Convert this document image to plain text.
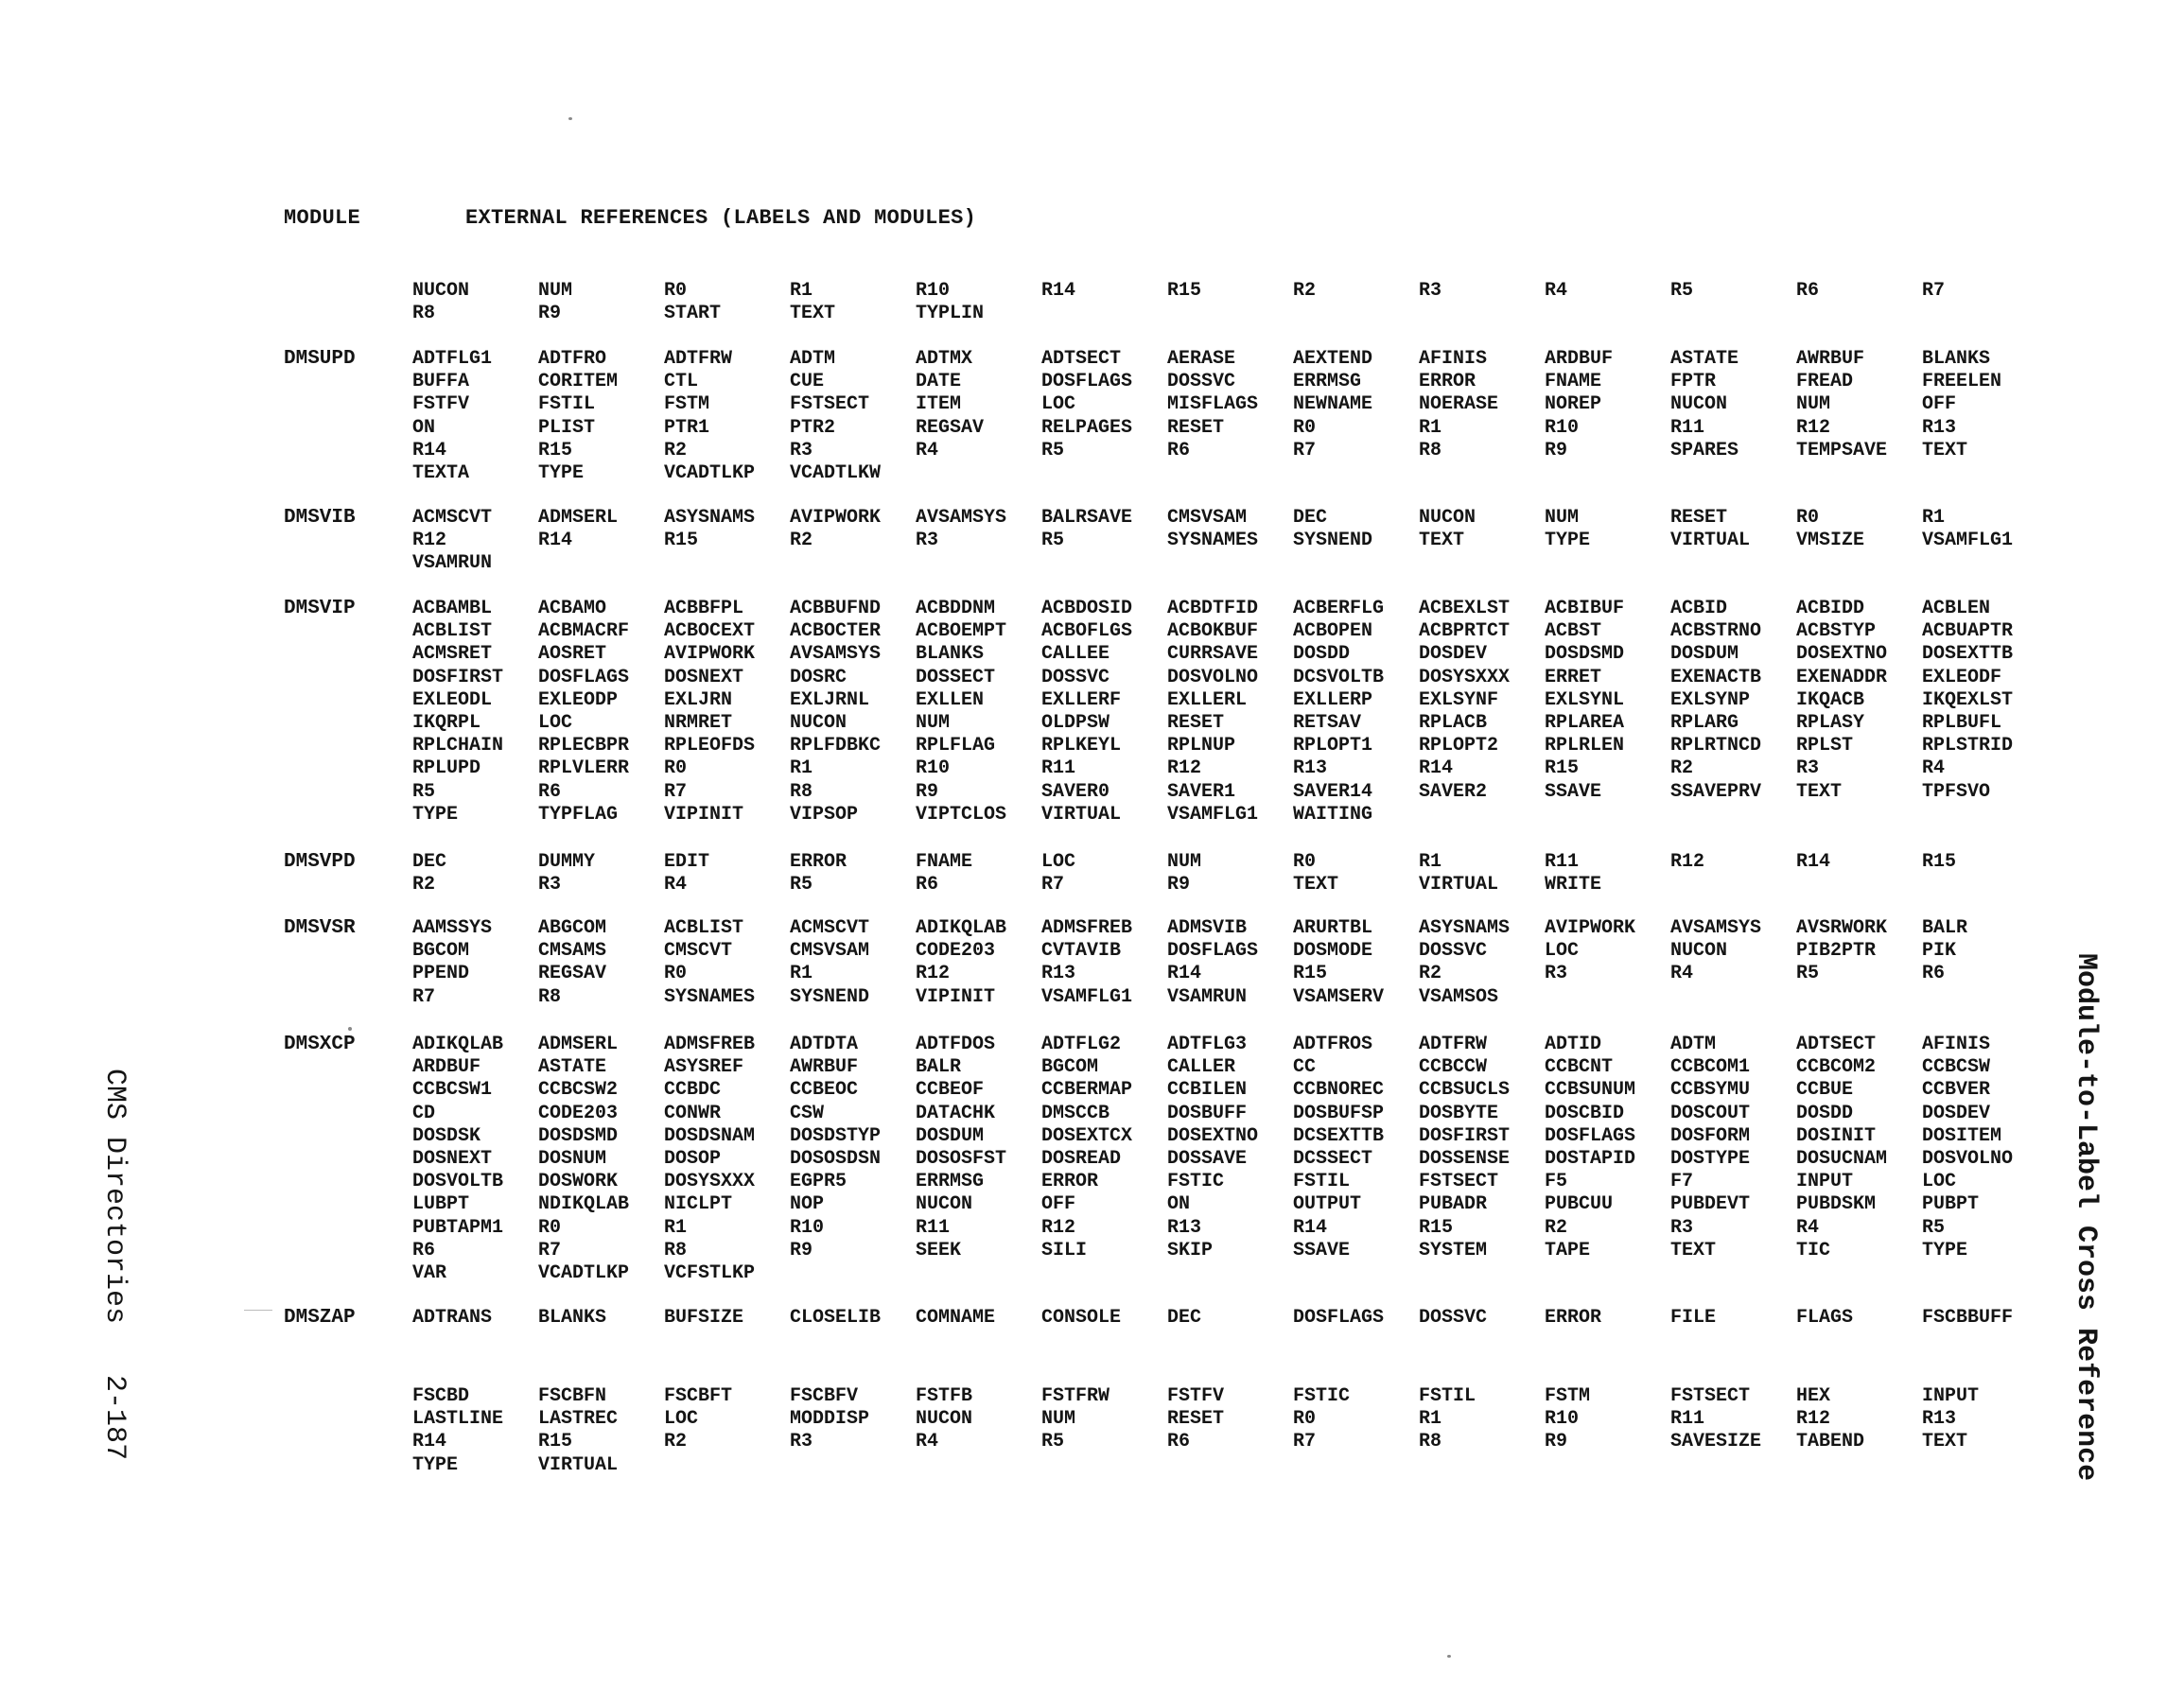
MODULE	EXTERNAL REFERENCES (LABELS AND MODULES)
NUCON	NUM	R0	R1	R10	R14	R15	R2	R3	R4	R5	R6	R7
R8	R9	START	TEXT	TYPLIN
DMSUPD	ADTFLG1	ADTFRO	ADTFRW	ADTM	ADTMX	ADTSECT	AERASE	AEXTEND	AFINIS	ARDBUF	ASTATE	AWRBUF	BLANKS
BUFFA	CORITEM	CTL	CUE	DATE	DOSFLAGS	DOSSVC	ERRMSG	ERROR	FNAME	FPTR	FREAD	FREELEN
FSTFV	FSTIL	FSTM	FSTSECT	ITEM	LOC	MISFLAGS	NEWNAME	NOERASE	NOREP	NUCON	NUM	OFF
ON	PLIST	PTR1	PTR2	REGSAV	RELPAGES	RESET	R0	R1	R10	R11	R12	R13
R14	R15	R2	R3	R4	R5	R6	R7	R8	R9	SPARES	TEMPSAVE	TEXT
TEXTA	TYPE	VCADTLKP	VCADTLKW
DMSVIB	ACMSCVT	ADMSERL	ASYSNAMS	AVIPWORK	AVSAMSYS	BALRSAVE	CMSVSAM	DEC	NUCON	NUM	RESET	R0	R1
R12	R14	R15	R2	R3	R5	SYSNAMES	SYSNEND	TEXT	TYPE	VIRTUAL	VMSIZE	VSAMFLG1
VSAMRUN
DMSVIP	ACBAMBL	ACBAMO	ACBBFPL	ACBBUFND	ACBDDNM	ACBDOSID	ACBDTFID	ACBERFLG	ACBEXLST	ACBIBUF	ACBID	ACBIDD	ACBLEN
ACBLIST	ACBMACRF	ACBOCEXT	ACBOCTER	ACBOEMPT	ACBOFLGS	ACBOKBUF	ACBOPEN	ACBPRTCT	ACBST	ACBSTRNO	ACBSTYP	ACBUAPTR
ACMSRET	AOSRET	AVIPWORK	AVSAMSYS	BLANKS	CALLEE	CURRSAVE	DOSDD	DOSDEV	DOSDSMD	DOSDUM	DOSEXTNO	DOSEXTTB
DOSFIRST	DOSFLAGS	DOSNEXT	DOSRC	DOSSECT	DOSSVC	DOSVOLNO	DCSVOLTB	DOSYSXXX	ERRET	EXENACTB	EXENADDR	EXLEODF
EXLEODL	EXLEODP	EXLJRN	EXLJRNL	EXLLEN	EXLLERF	EXLLERL	EXLLERP	EXLSYNF	EXLSYNL	EXLSYNP	IKQACB	IKQEXLST
IKQRPL	LOC	NRMRET	NUCON	NUM	OLDPSW	RESET	RETSAV	RPLACB	RPLAREA	RPLARG	RPLASY	RPLBUFL
RPLCHAIN	RPLECBPR	RPLEOFDS	RPLFDBKC	RPLFLAG	RPLKEYL	RPLNUP	RPLOPT1	RPLOPT2	RPLRLEN	RPLRTNCD	RPLST	RPLSTRID
RPLUPD	RPLVLERR	R0	R1	R10	R11	R12	R13	R14	R15	R2	R3	R4
R5	R6	R7	R8	R9	SAVER0	SAVER1	SAVER14	SAVER2	SSAVE	SSAVEPRV	TEXT	TPFSVO
TYPE	TYPFLAG	VIPINIT	VIPSOP	VIPTCLOS	VIRTUAL	VSAMFLG1	WAITING
DMSVPD	DEC	DUMMY	EDIT	ERROR	FNAME	LOC	NUM	R0	R1	R11	R12	R14	R15
R2	R3	R4	R5	R6	R7	R9	TEXT	VIRTUAL	WRITE
DMSVSR	AAMSSYS	ABGCOM	ACBLIST	ACMSCVT	ADIKQLAB	ADMSFREB	ADMSVIB	ARURTBL	ASYSNAMS	AVIPWORK	AVSAMSYS	AVSRWORK	BALR
BGCOM	CMSAMS	CMSCVT	CMSVSAM	CODE203	CVTAVIB	DOSFLAGS	DOSMODE	DOSSVC	LOC	NUCON	PIB2PTR	PIK
PPEND	REGSAV	R0	R1	R12	R13	R14	R15	R2	R3	R4	R5	R6
R7	R8	SYSNAMES	SYSNEND	VIPINIT	VSAMFLG1	VSAMRUN	VSAMSERV	VSAMSOS
DMSXCP	ADIKQLAB	ADMSERL	ADMSFREB	ADTDTA	ADTFDOS	ADTFLG2	ADTFLG3	ADTFROS	ADTFRW	ADTID	ADTM	ADTSECT	AFINIS
ARDBUF	ASTATE	ASYSREF	AWRBUF	BALR	BGCOM	CALLER	CC	CCBCCW	CCBCNT	CCBCOM1	CCBCOM2	CCBCSW
CCBCSW1	CCBCSW2	CCBDC	CCBEOC	CCBEOF	CCBERMAP	CCBILEN	CCBNOREC	CCBSUCLS	CCBSUNUM	CCBSYMU	CCBUE	CCBVER
CD	CODE203	CONWR	CSW	DATACHK	DMSCCB	DOSBUFF	DOSBUFSP	DOSBYTE	DOSCBID	DOSCOUT	DOSDD	DOSDEV
DOSDSK	DOSDSMD	DOSDSNAM	DOSDSTYP	DOSDUM	DOSEXTCX	DOSEXTNO	DCSEXTTB	DOSFIRST	DOSFLAGS	DOSFORM	DOSINIT	DOSITEM
DOSNEXT	DOSNUM	DOSOP	DOSOSDSN	DOSOSFST	DOSREAD	DOSSAVE	DCSSECT	DOSSENSE	DOSTAPID	DOSTYPE	DOSUCNAM	DOSVOLNO
DOSVOLTB	DOSWORK	DOSYSXXX	EGPR5	ERRMSG	ERROR	FSTIC	FSTIL	FSTSECT	F5	F7	INPUT	LOC
LUBPT	NDIKQLAB	NICLPT	NOP	NUCON	OFF	ON	OUTPUT	PUBADR	PUBCUU	PUBDEVT	PUBDSKM	PUBPT
PUBTAPM1	R0	R1	R10	R11	R12	R13	R14	R15	R2	R3	R4	R5
R6	R7	R8	R9	SEEK	SILI	SKIP	SSAVE	SYSTEM	TAPE	TEXT	TIC	TYPE
VAR	VCADTLKP	VCFSTLKP
DMSZAP	ADTRANS	BLANKS	BUFSIZE	CLOSELIB	COMNAME	CONSOLE	DEC	DOSFLAGS	DOSSVC	ERROR	FILE	FLAGS	FSCBBUFF
FSCBD	FSCBFN	FSCBFT	FSCBFV	FSTFB	FSTFRW	FSTFV	FSTIC	FSTIL	FSTM	FSTSECT	HEX	INPUT
LASTLINE	LASTREC	LOC	MODDISP	NUCON	NUM	RESET	R0	R1	R10	R11	R12	R13
R14	R15	R2	R3	R4	R5	R6	R7	R8	R9	SAVESIZE	TABEND	TEXT
TYPE	VIRTUAL
CMS Directories   2-187	Module-to-Label Cross Reference
